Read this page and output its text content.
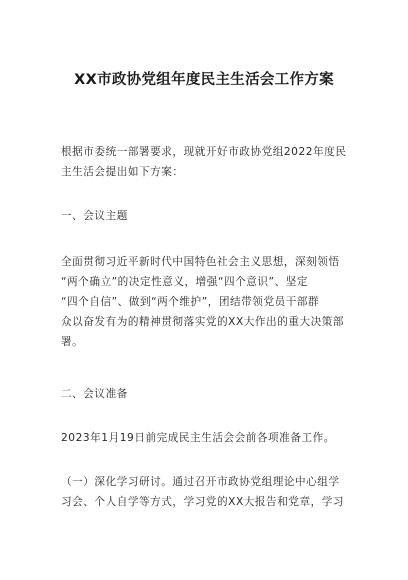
XX市政协党组年度民主生活会工作方案
根据市委统一部署要求，现就开好市政协党组2022年度民
主生活会提出如下方案：
一、会议主题
全面贯彻习近平新时代中国特色社会主义思想，深刻领悟
“两个确立”的决定性意义，增强“四个意识”、坚定
“四个自信”、做到“两个维护”，团结带领党员干部群
众以奋发有为的精神贯彻落实党的XX大作出的重大决策部
署。
二、会议准备
2023年1月19日前完成民主生活会会前各项准备工作。
（一）深化学习研讨。通过召开市政协党组理论中心组学
习会、个人自学等方式，学习党的XX大报告和党章，学习
